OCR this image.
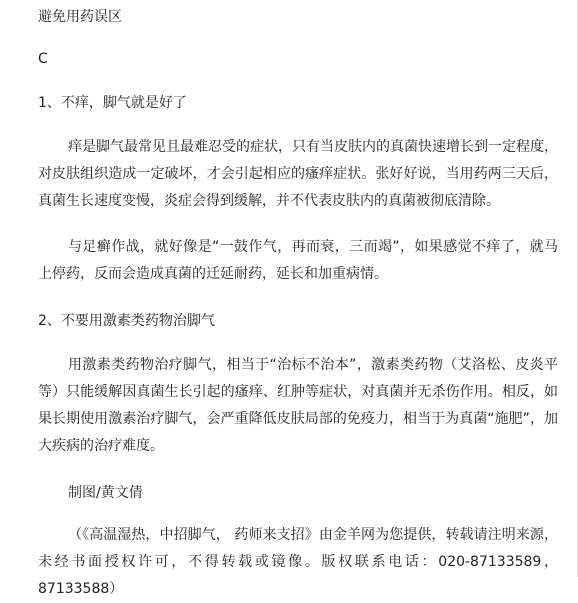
避免用药误区
C
1、不痒，脚气就是好了

痒是脚气最常见且最难忍受的症状，只有当皮肤内的真菌快速增长到一定程度，对皮肤组织造成一定破坏，才会引起相应的瘙痒症状。张好好说，当用药两三天后，真菌生长速度变慢，炎症会得到缓解，并不代表皮肤内的真菌被彻底清除。

与足癣作战，就好像是“一鼓作气，再而衰，三而竭”，如果感觉不痒了，就马上停药，反而会造成真菌的迁延耐药，延长和加重病情。

2、不要用激素类药物治脚气

用激素类药物治疗脚气，相当于“治标不治本”，激素类药物（艾洛松、皮炎平等）只能缓解因真菌生长引起的瘙痒、红肿等症状，对真菌并无杀伤作用。相反，如果长期使用激素治疗脚气，会严重降低皮肤局部的免疫力，相当于为真菌“施肥”，加大疾病的治疗难度。

制图/黄文倩

（《高温湿热，中招脚气， 药师来支招》由金羊网为您提供，转载请注明来源，未经书面授权许可，不得转载或镜像。版权联系电话：020-87133589，87133588）
